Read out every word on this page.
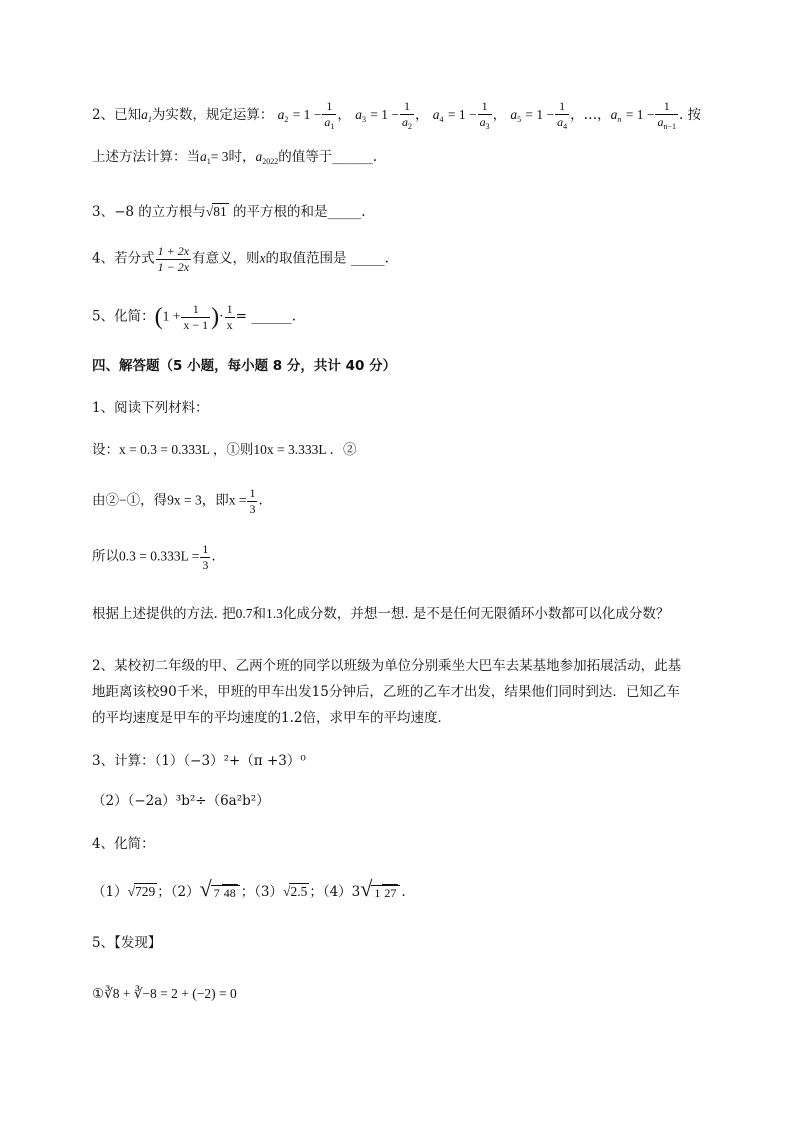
2、已知$a_1$为实数，规定运算： $a_2 = 1 - \frac{1}{a_1}$ ， $a_3 = 1 - \frac{1}{a_2}$ ， $a_4 = 1 - \frac{1}{a_3}$ ， $a_5 = 1 - \frac{1}{a_4}$ ，…，$a_n = 1 - \frac{1}{a_{n-1}}$ . 按
上述方法计算：当$a_1= 3$时，$a_{2022}$的值等于______.
3、−8 的立方根与√81 的平方根的和是_____.
4、若分式 $\frac{1 + 2x}{1 - 2x}$ 有意义，则x的取值范围是 _____.
5、化简：($1 + \frac{1}{x - 1}$ )· $\frac{1}{x}$ = ______.
四、解答题（5 小题，每小题 8 分，共计 40 分）
1、阅读下列材料：
设：x = 0.3 = 0.333L ，①则10x = 3.333L ．②
由②−①，得9x = 3，即$x = \frac{1}{3}$ .
所以$0.3 = 0.333L = \frac{1}{3}$ .
根据上述提供的方法. 把0.7和1.3化成分数，并想一想. 是不是任何无限循环小数都可以化成分数？
2、某校初二年级的甲、乙两个班的同学以班级为单位分别乘坐大巴车去某基地参加拓展活动，此基
地距离该校90千米，甲班的甲车出发15分钟后，乙班的乙车才出发，结果他们同时到达．已知乙车
的平均速度是甲车的平均速度的1.2倍，求甲车的平均速度．
3、计算：（1）（−3）²+（π +3）⁰
（2）（−2a）³b²÷（6a²b²）
4、化简：
（1）√729 ；（2）√ 7 48 ；（3）√2.5 ；（4）3√ 1 27 .
5、【发现】
①∛8 + ∛−8 = 2 + (−2) = 0
